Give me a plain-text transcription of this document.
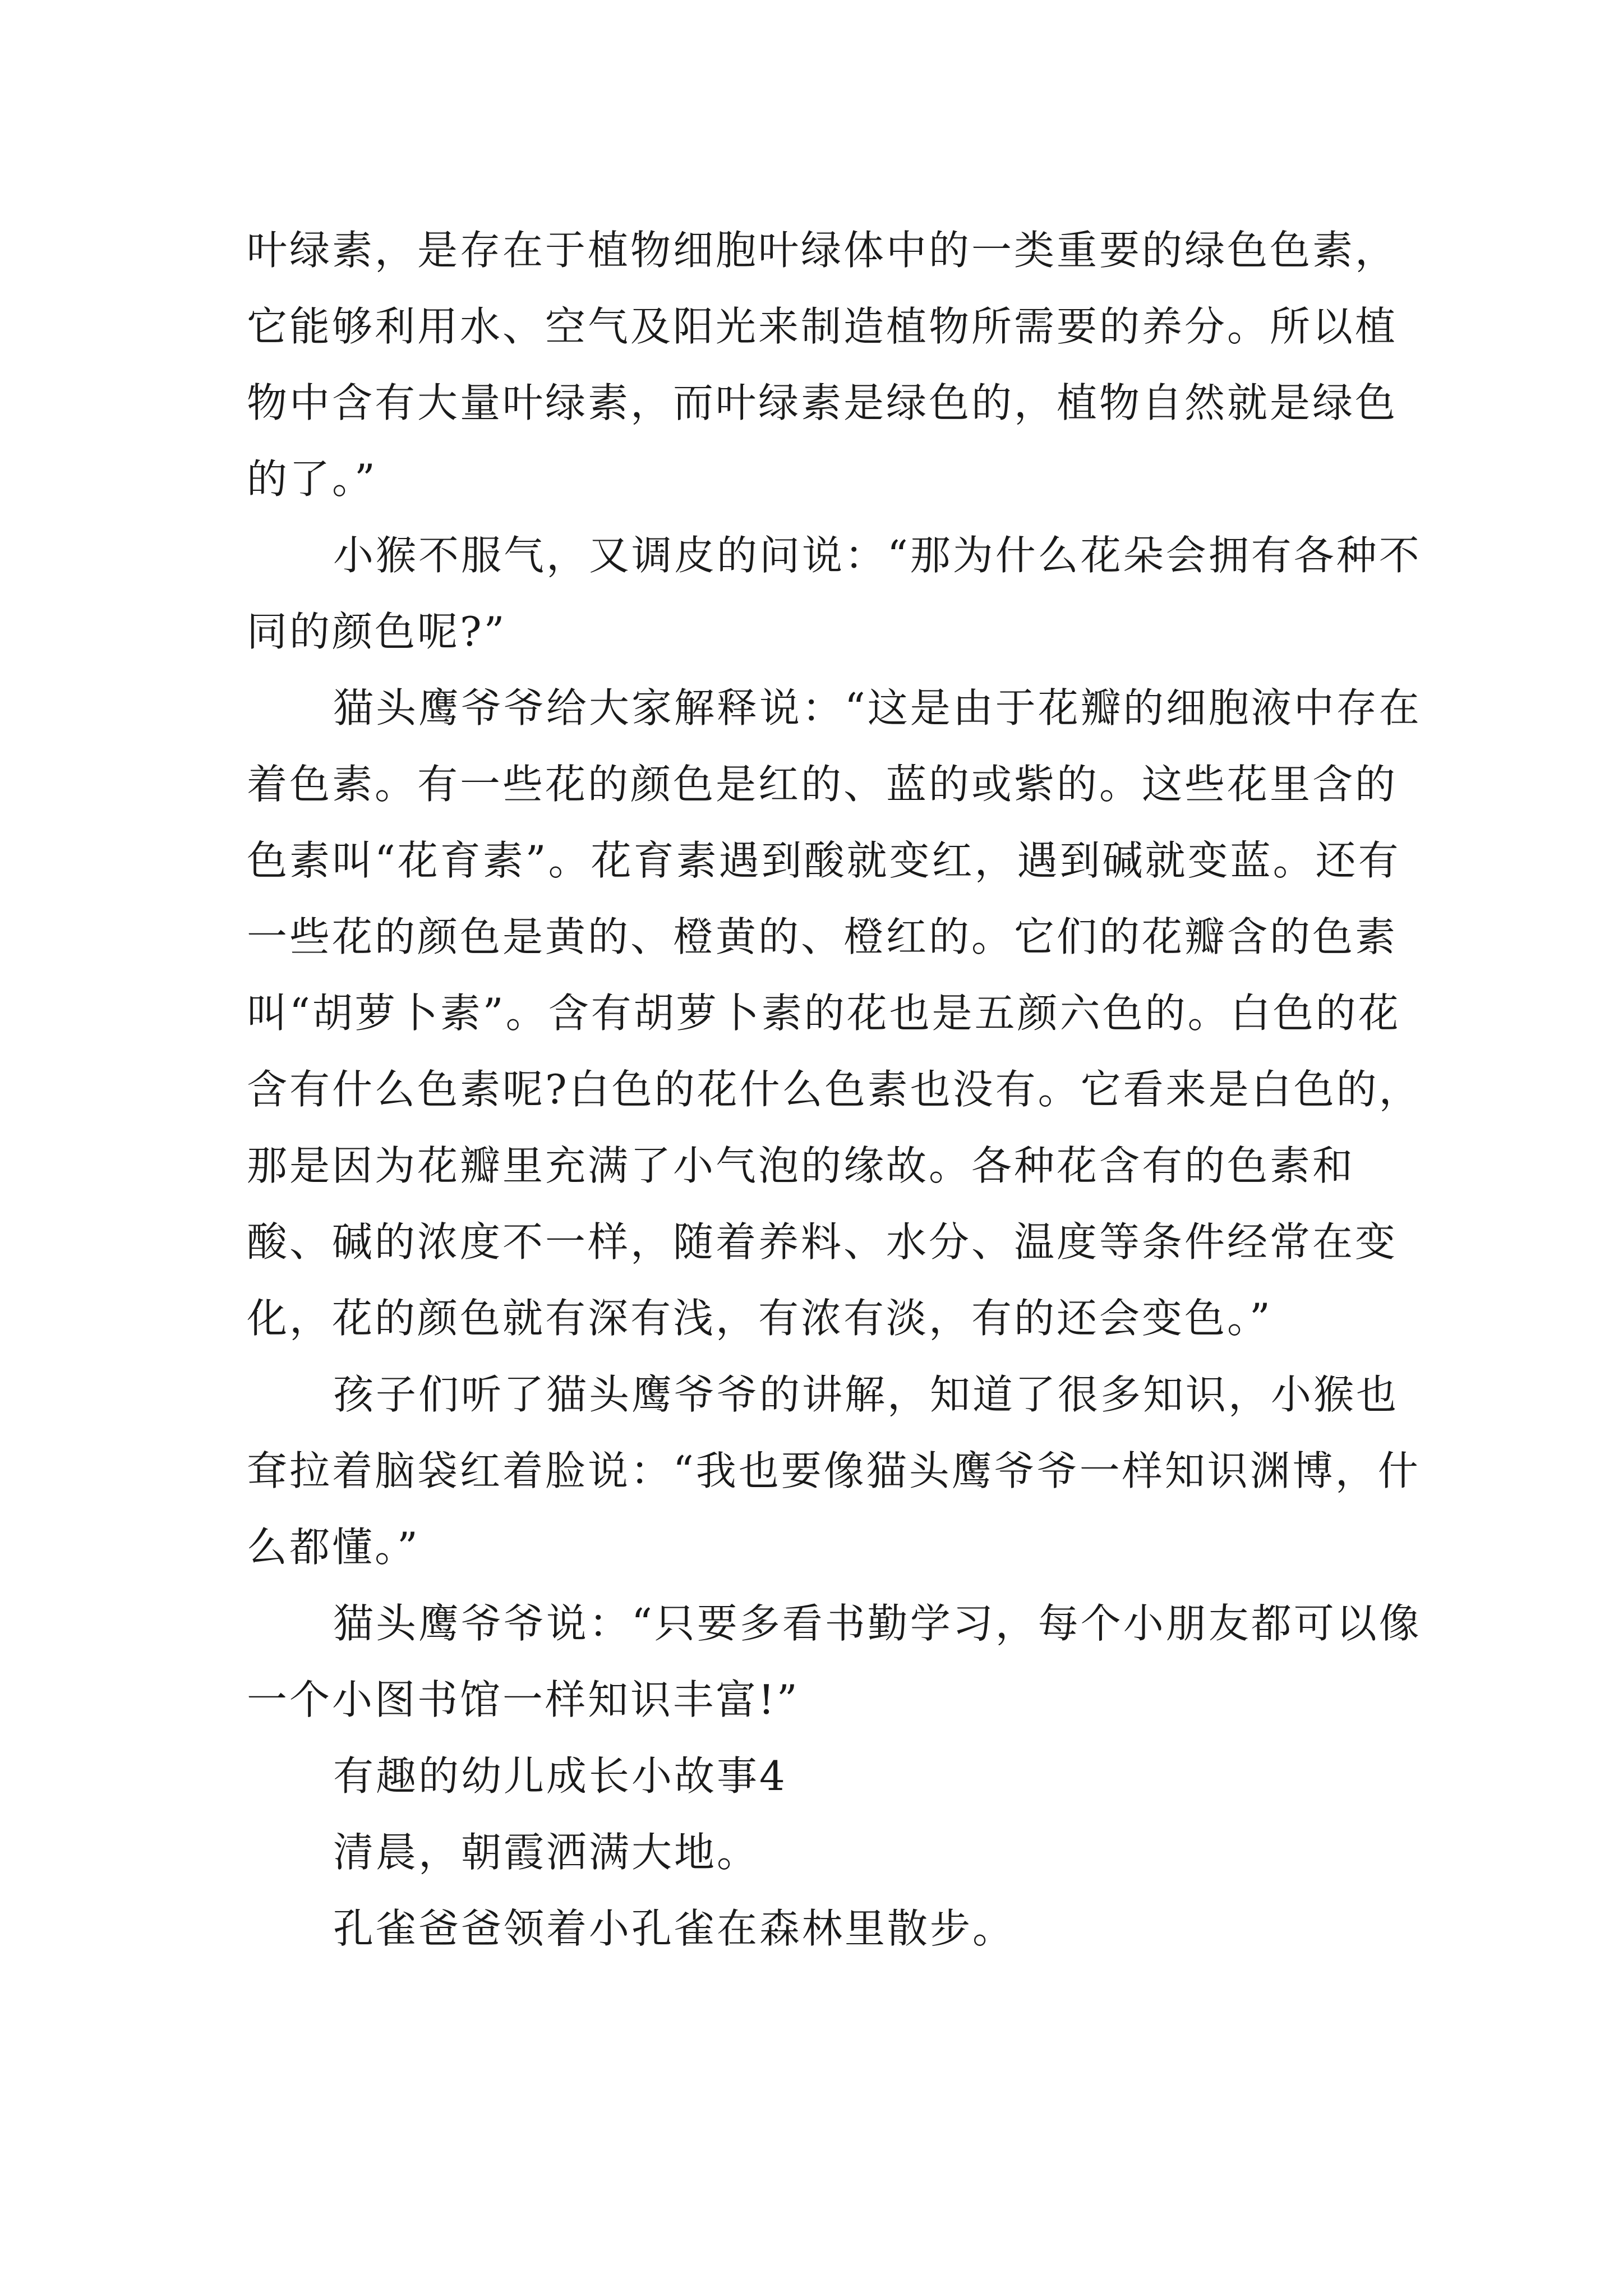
叶绿素，是存在于植物细胞叶绿体中的一类重要的绿色色素，它能够利用水、空气及阳光来制造植物所需要的养分。所以植物中含有大量叶绿素，而叶绿素是绿色的，植物自然就是绿色的了。”

小猴不服气，又调皮的问说：“那为什么花朵会拥有各种不同的颜色呢?”

猫头鹰爷爷给大家解释说：“这是由于花瓣的细胞液中存在着色素。有一些花的颜色是红的、蓝的或紫的。这些花里含的色素叫“花育素”。花育素遇到酸就变红，遇到碱就变蓝。还有一些花的颜色是黄的、橙黄的、橙红的。它们的花瓣含的色素叫“胡萝卜素”。含有胡萝卜素的花也是五颜六色的。白色的花含有什么色素呢?白色的花什么色素也没有。它看来是白色的，那是因为花瓣里充满了小气泡的缘故。各种花含有的色素和酸、碱的浓度不一样，随着养料、水分、温度等条件经常在变化，花的颜色就有深有浅，有浓有淡，有的还会变色。”

孩子们听了猫头鹰爷爷的讲解，知道了很多知识，小猴也耷拉着脑袋红着脸说：“我也要像猫头鹰爷爷一样知识渊博，什么都懂。”

猫头鹰爷爷说：“只要多看书勤学习，每个小朋友都可以像一个小图书馆一样知识丰富!”

有趣的幼儿成长小故事4

清晨，朝霞洒满大地。

孔雀爸爸领着小孔雀在森林里散步。
